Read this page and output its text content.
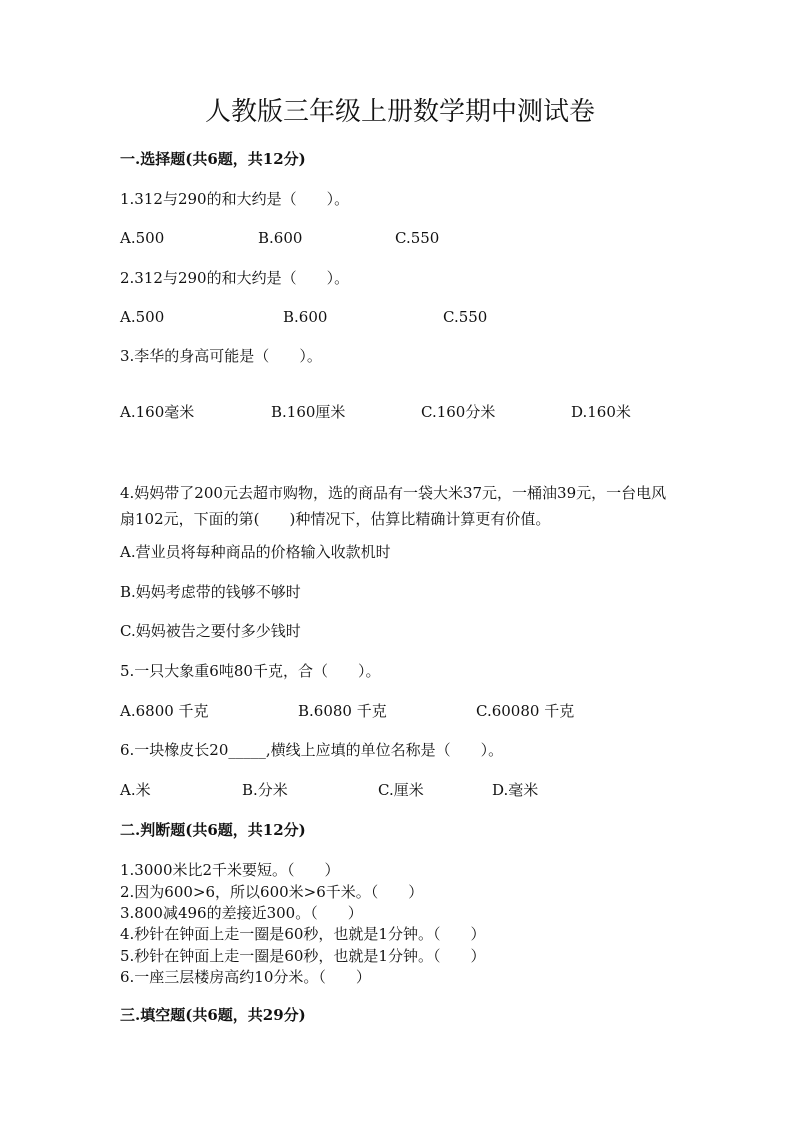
人教版三年级上册数学期中测试卷
一.选择题(共6题，共12分)
1.312与290的和大约是（　　）。
A.500	B.600	C.550
2.312与290的和大约是（　　）。
A.500	B.600	C.550
3.李华的身高可能是（　　）。
A.160毫米	B.160厘米	C.160分米	D.160米
4.妈妈带了200元去超市购物，选的商品有一袋大米37元，一桶油39元，一台电风扇102元，下面的第(　　)种情况下，估算比精确计算更有价值。
A.营业员将每种商品的价格输入收款机时
B.妈妈考虑带的钱够不够时
C.妈妈被告之要付多少钱时
5.一只大象重6吨80千克，合（　　）。
A.6800 千克	B.6080 千克	C.60080 千克
6.一块橡皮长20_____,横线上应填的单位名称是（　　）。
A.米	B.分米	C.厘米	D.毫米
二.判断题(共6题，共12分)
1.3000米比2千米要短。（　　）
2.因为600>6，所以600米>6千米。（　　）
3.800减496的差接近300。（　　）
4.秒针在钟面上走一圈是60秒，也就是1分钟。（　　）
5.秒针在钟面上走一圈是60秒，也就是1分钟。（　　）
6.一座三层楼房高约10分米。（　　）
三.填空题(共6题，共29分)
